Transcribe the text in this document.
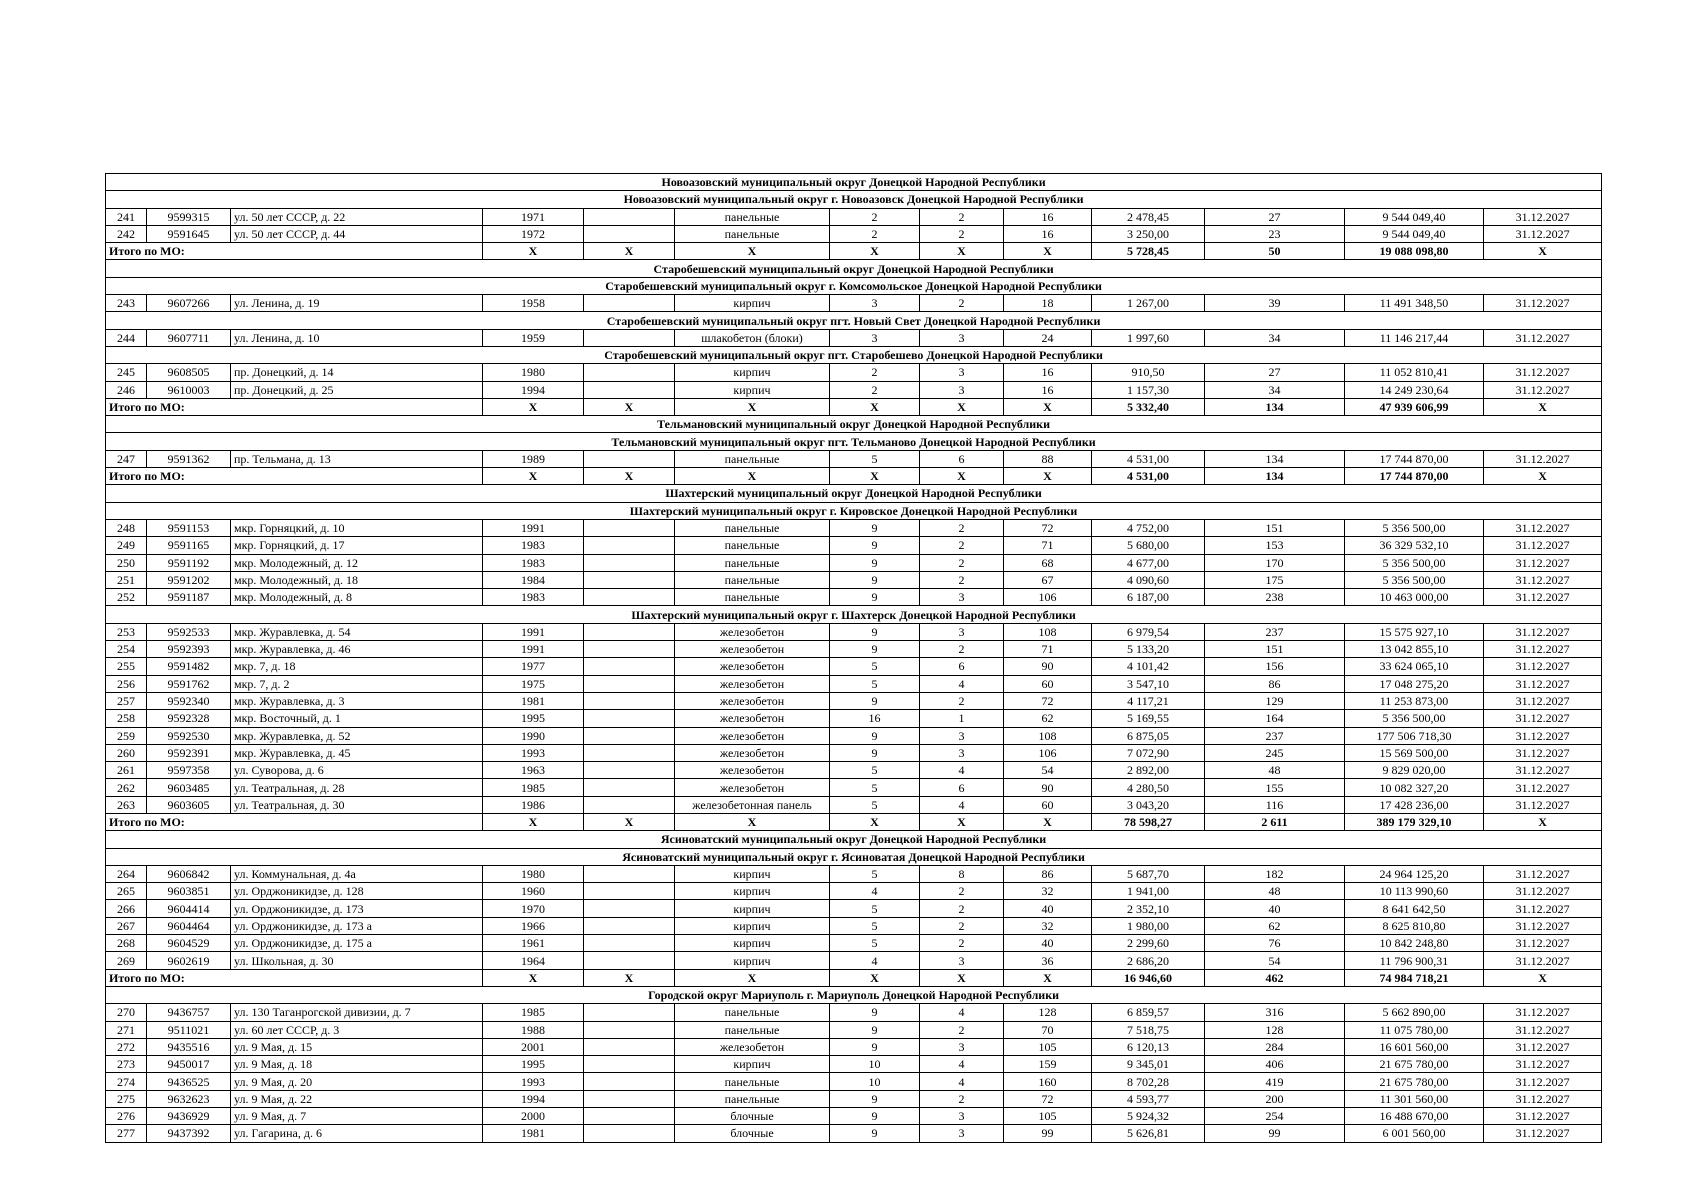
Новоазовский муниципальный округ Донецкой Народной Республики												
Новоазовский муниципальный округ г. Новоазовск Донецкой Народной Республики												
241	9599315	ул. 50 лет СССР, д. 22	1971		панельные	2	2	16	2 478,45	27	9 544 049,40	31.12.2027
242	9591645	ул. 50 лет СССР, д. 44	1972		панельные	2	2	16	3 250,00	23	9 544 049,40	31.12.2027
Итого по МО:			X	X	X	X	X	X	5 728,45	50	19 088 098,80	X
Старобешевский муниципальный округ Донецкой Народной Республики												
Старобешевский муниципальный округ г. Комсомольское Донецкой Народной Республики												
243	9607266	ул. Ленина, д. 19	1958		кирпич	3	2	18	1 267,00	39	11 491 348,50	31.12.2027
Старобешевский муниципальный округ пгт. Новый Свет Донецкой Народной Республики												
244	9607711	ул. Ленина, д. 10	1959		шлакобетон (блоки)	3	3	24	1 997,60	34	11 146 217,44	31.12.2027
Старобешевский муниципальный округ пгт. Старобешево Донецкой Народной Республики												
245	9608505	пр. Донецкий, д. 14	1980		кирпич	2	3	16	910,50	27	11 052 810,41	31.12.2027
246	9610003	пр. Донецкий, д. 25	1994		кирпич	2	3	16	1 157,30	34	14 249 230,64	31.12.2027
Итого по МО:			X	X	X	X	X	X	5 332,40	134	47 939 606,99	X
Тельмановский муниципальный округ Донецкой Народной Республики												
Тельмановский муниципальный округ пгт. Тельманово Донецкой Народной Республики												
247	9591362	пр. Тельмана, д. 13	1989		панельные	5	6	88	4 531,00	134	17 744 870,00	31.12.2027
Итого по МО:			X	X	X	X	X	X	4 531,00	134	17 744 870,00	X
Шахтерский муниципальный округ Донецкой Народной Республики												
Шахтерский муниципальный округ г. Кировское Донецкой Народной Республики												
248	9591153	мкр. Горняцкий, д. 10	1991		панельные	9	2	72	4 752,00	151	5 356 500,00	31.12.2027
249	9591165	мкр. Горняцкий, д. 17	1983		панельные	9	2	71	5 680,00	153	36 329 532,10	31.12.2027
250	9591192	мкр. Молодежный, д. 12	1983		панельные	9	2	68	4 677,00	170	5 356 500,00	31.12.2027
251	9591202	мкр. Молодежный, д. 18	1984		панельные	9	2	67	4 090,60	175	5 356 500,00	31.12.2027
252	9591187	мкр. Молодежный, д. 8	1983		панельные	9	3	106	6 187,00	238	10 463 000,00	31.12.2027
Шахтерский муниципальный округ г. Шахтерск Донецкой Народной Республики												
253	9592533	мкр. Журавлевка, д. 54	1991		железобетон	9	3	108	6 979,54	237	15 575 927,10	31.12.2027
254	9592393	мкр. Журавлевка, д. 46	1991		железобетон	9	2	71	5 133,20	151	13 042 855,10	31.12.2027
255	9591482	мкр. 7, д. 18	1977		железобетон	5	6	90	4 101,42	156	33 624 065,10	31.12.2027
256	9591762	мкр. 7, д. 2	1975		железобетон	5	4	60	3 547,10	86	17 048 275,20	31.12.2027
257	9592340	мкр. Журавлевка, д. 3	1981		железобетон	9	2	72	4 117,21	129	11 253 873,00	31.12.2027
258	9592328	мкр. Восточный, д. 1	1995		железобетон	16	1	62	5 169,55	164	5 356 500,00	31.12.2027
259	9592530	мкр. Журавлевка, д. 52	1990		железобетон	9	3	108	6 875,05	237	177 506 718,30	31.12.2027
260	9592391	мкр. Журавлевка, д. 45	1993		железобетон	9	3	106	7 072,90	245	15 569 500,00	31.12.2027
261	9597358	ул. Суворова, д. 6	1963		железобетон	5	4	54	2 892,00	48	9 829 020,00	31.12.2027
262	9603485	ул. Театральная, д. 28	1985		железобетон	5	6	90	4 280,50	155	10 082 327,20	31.12.2027
263	9603605	ул. Театральная, д. 30	1986		железобетонная панель	5	4	60	3 043,20	116	17 428 236,00	31.12.2027
Итого по МО:			X	X	X	X	X	X	78 598,27	2 611	389 179 329,10	X
Ясиноватский муниципальный округ Донецкой Народной Республики												
Ясиноватский муниципальный округ г. Ясиноватая Донецкой Народной Республики												
264	9606842	ул. Коммунальная, д. 4а	1980		кирпич	5	8	86	5 687,70	182	24 964 125,20	31.12.2027
265	9603851	ул. Орджоникидзе, д. 128	1960		кирпич	4	2	32	1 941,00	48	10 113 990,60	31.12.2027
266	9604414	ул. Орджоникидзе, д. 173	1970		кирпич	5	2	40	2 352,10	40	8 641 642,50	31.12.2027
267	9604464	ул. Орджоникидзе, д. 173 а	1966		кирпич	5	2	32	1 980,00	62	8 625 810,80	31.12.2027
268	9604529	ул. Орджоникидзе, д. 175 а	1961		кирпич	5	2	40	2 299,60	76	10 842 248,80	31.12.2027
269	9602619	ул. Школьная, д. 30	1964		кирпич	4	3	36	2 686,20	54	11 796 900,31	31.12.2027
Итого по МО:			X	X	X	X	X	X	16 946,60	462	74 984 718,21	X
Городской округ Мариуполь г. Мариуполь Донецкой Народной Республики												
270	9436757	ул. 130 Таганрогской дивизии, д. 7	1985		панельные	9	4	128	6 859,57	316	5 662 890,00	31.12.2027
271	9511021	ул. 60 лет СССР, д. 3	1988		панельные	9	2	70	7 518,75	128	11 075 780,00	31.12.2027
272	9435516	ул. 9 Мая, д. 15	2001		железобетон	9	3	105	6 120,13	284	16 601 560,00	31.12.2027
273	9450017	ул. 9 Мая, д. 18	1995		кирпич	10	4	159	9 345,01	406	21 675 780,00	31.12.2027
274	9436525	ул. 9 Мая, д. 20	1993		панельные	10	4	160	8 702,28	419	21 675 780,00	31.12.2027
275	9632623	ул. 9 Мая, д. 22	1994		панельные	9	2	72	4 593,77	200	11 301 560,00	31.12.2027
276	9436929	ул. 9 Мая, д. 7	2000		блочные	9	3	105	5 924,32	254	16 488 670,00	31.12.2027
277	9437392	ул. Гагарина, д. 6	1981		блочные	9	3	99	5 626,81	99	6 001 560,00	31.12.2027
